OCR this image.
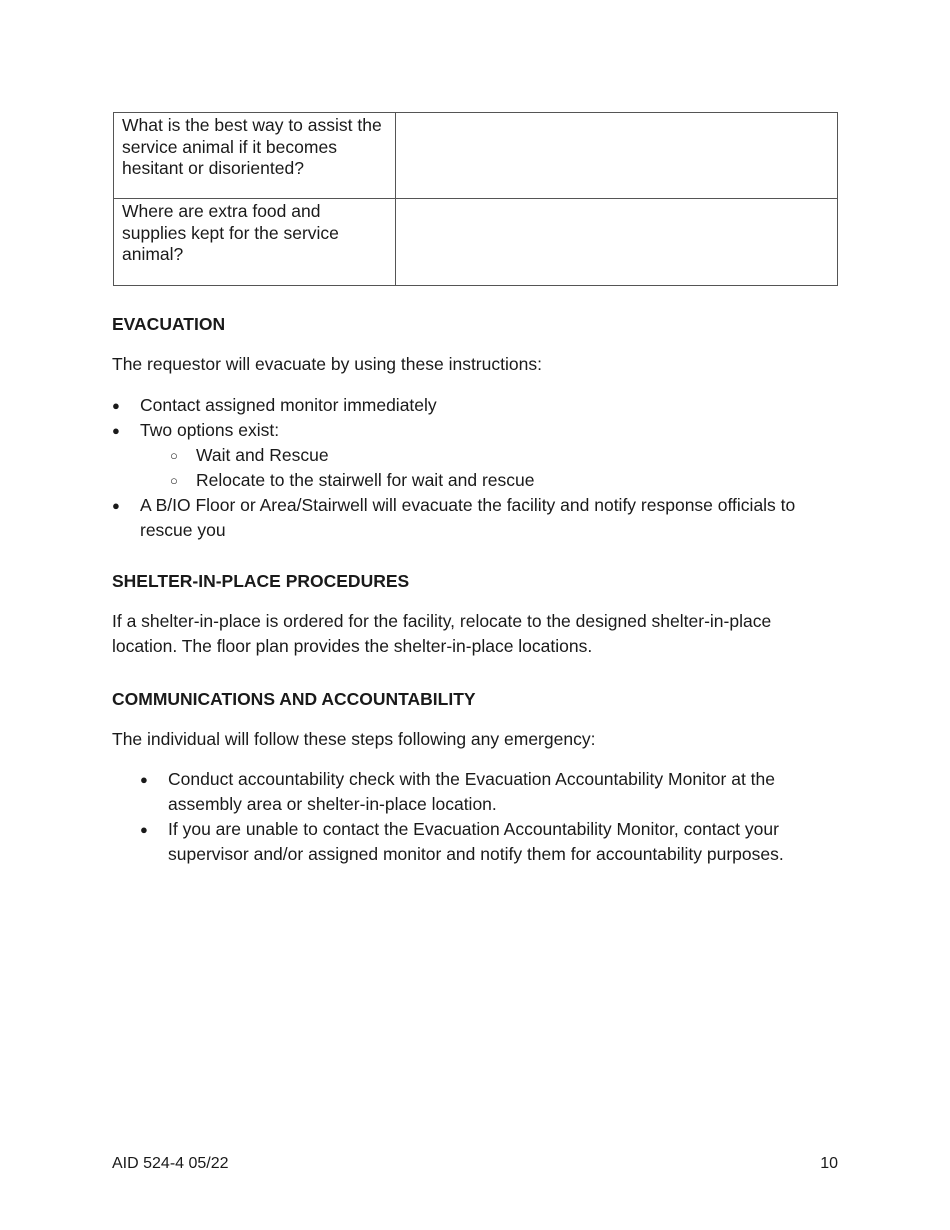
What is the best way to assist the service animal if it becomes hesitant or disoriented?	

Where are extra food and supplies kept for the service animal?	

EVACUATION

The requestor will evacuate by using these instructions:

●	Contact assigned monitor immediately
●	Two options exist:
○ Wait and Rescue
○ Relocate to the stairwell for wait and rescue
●	A B/IO Floor or Area/Stairwell will evacuate the facility and notify response officials to rescue you
SHELTER-IN-PLACE PROCEDURES

If a shelter-in-place is ordered for the facility, relocate to the designed shelter-in-place location. The floor plan provides the shelter-in-place locations.

COMMUNICATIONS AND ACCOUNTABILITY

The individual will follow these steps following any emergency:

●	Conduct accountability check with the Evacuation Accountability Monitor at the assembly area or shelter-in-place location.
●	If you are unable to contact the Evacuation Accountability Monitor, contact your supervisor and/or assigned monitor and notify them for accountability purposes.
AID 524-4 05/22	10
